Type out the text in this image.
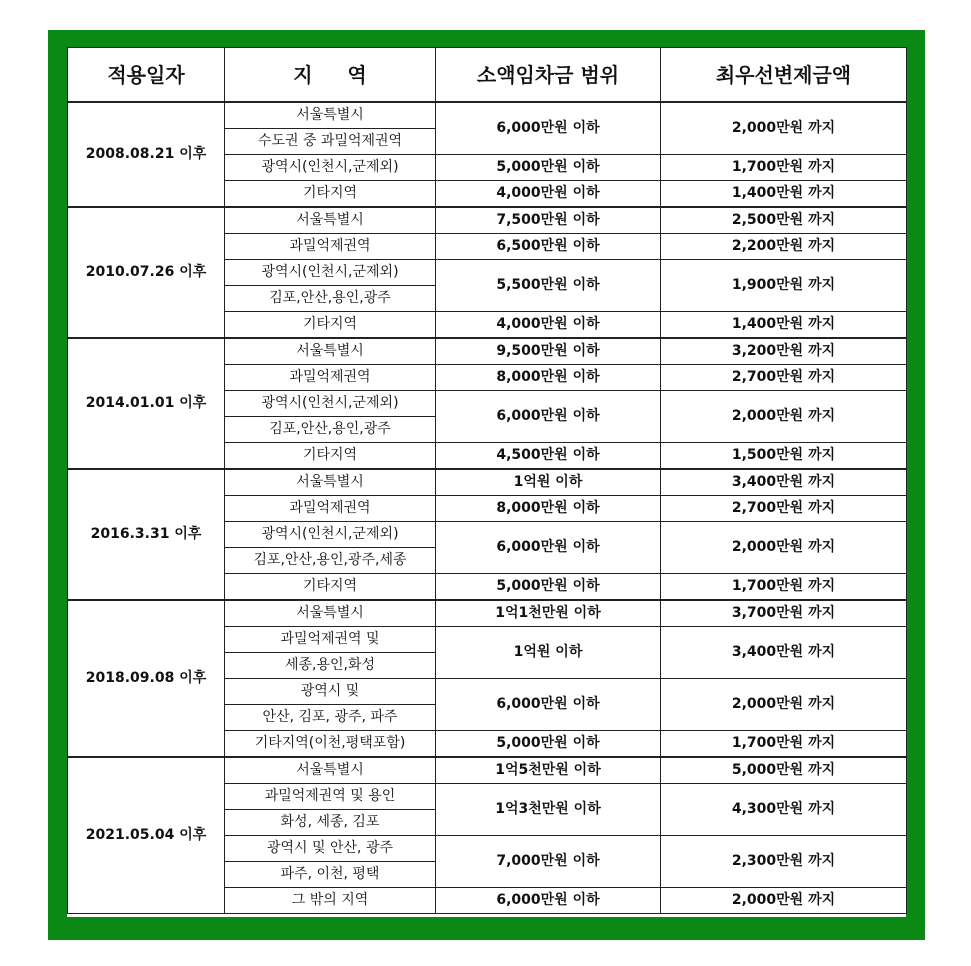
적용일자	지     역	소액임차금 범위	최우선변제금액
2008.08.21 이후	서울특별시	6,000만원 이하	2,000만원 까지
	수도권 중 과밀억제권역		
	광역시(인천시,군제외)	5,000만원 이하	1,700만원 까지
	기타지역	4,000만원 이하	1,400만원 까지
2010.07.26 이후	서울특별시	7,500만원 이하	2,500만원 까지
	과밀억제권역	6,500만원 이하	2,200만원 까지
	광역시(인천시,군제외)	5,500만원 이하	1,900만원 까지
	김포,안산,용인,광주		
	기타지역	4,000만원 이하	1,400만원 까지
2014.01.01 이후	서울특별시	9,500만원 이하	3,200만원 까지
	과밀억제권역	8,000만원 이하	2,700만원 까지
	광역시(인천시,군제외)	6,000만원 이하	2,000만원 까지
	김포,안산,용인,광주		
	기타지역	4,500만원 이하	1,500만원 까지
2016.3.31 이후	서울특별시	1억원 이하	3,400만원 까지
	과밀억제권역	8,000만원 이하	2,700만원 까지
	광역시(인천시,군제외)	6,000만원 이하	2,000만원 까지
	김포,안산,용인,광주,세종		
	기타지역	5,000만원 이하	1,700만원 까지
2018.09.08 이후	서울특별시	1억1천만원 이하	3,700만원 까지
	과밀억제권역 및	1억원 이하	3,400만원 까지
	세종,용인,화성		
	광역시 및	6,000만원 이하	2,000만원 까지
	안산, 김포, 광주, 파주		
	기타지역(이천,평택포함)	5,000만원 이하	1,700만원 까지
2021.05.04 이후	서울특별시	1억5천만원 이하	5,000만원 까지
	과밀억제권역 및 용인	1억3천만원 이하	4,300만원 까지
	화성, 세종, 김포		
	광역시 및 안산, 광주	7,000만원 이하	2,300만원 까지
	파주, 이천, 평택		
	그 밖의 지역	6,000만원 이하	2,000만원 까지
